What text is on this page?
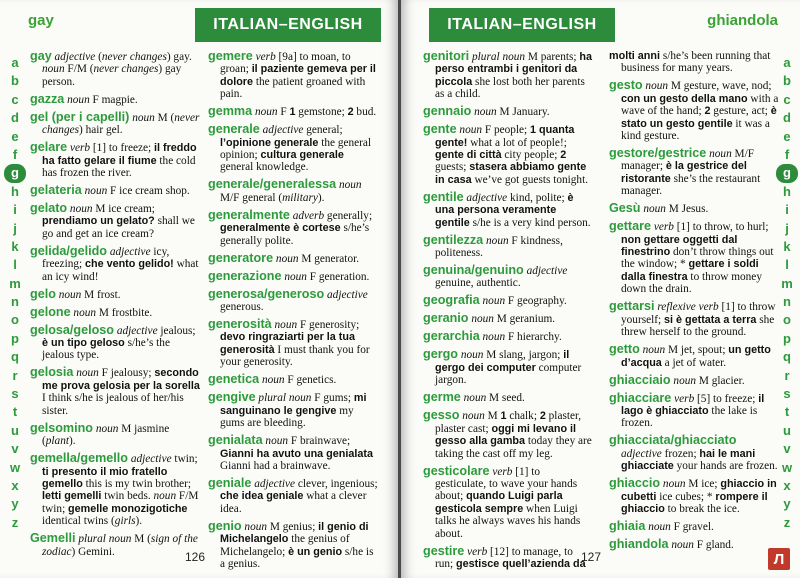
gay	ITALIAN–ENGLISH
a
b
c
d
e
f
g
h
i
j
k
l
m
n
o
p
q
r
s
t
u
v
w
x
y
z
gay adjective (never changes) gay. noun F/M (never changes) gay person.
gazza noun F magpie.
gel (per i capelli) noun M (never changes) hair gel.
gelare verb [1] to freeze; il freddo ha fatto gelare il fiume the cold has frozen the river.
gelateria noun F ice cream shop.
gelato noun M ice cream; prendiamo un gelato? shall we go and get an ice cream?
gelida/gelido adjective icy, freezing; che vento gelido! what an icy wind!
gelo noun M frost.
gelone noun M frostbite.
gelosa/geloso adjective jealous; è un tipo geloso s/he’s the jealous type.
gelosia noun F jealousy; secondo me prova gelosia per la sorella I think s/he is jealous of her/his sister.
gelsomino noun M jasmine (plant).
gemella/gemello adjective twin; ti presento il mio fratello gemello this is my twin brother; letti gemelli twin beds. noun F/M twin; gemelle monozigotiche identical twins (girls).
Gemelli plural noun M (sign of the zodiac) Gemini.
gemere verb [9a] to moan, to groan; il paziente gemeva per il dolore the patient groaned with pain.
gemma noun F 1 gemstone; 2 bud.
generale adjective general; l’opinione generale the general opinion; cultura generale general knowledge.
generale/generalessa noun M/F general (military).
generalmente adverb generally; generalmente è cortese s/he’s generally polite.
generatore noun M generator.
generazione noun F generation.
generosa/generoso adjective generous.
generosità noun F generosity; devo ringraziarti per la tua generosità I must thank you for your generosity.
genetica noun F genetics.
gengive plural noun F gums; mi sanguinano le gengive my gums are bleeding.
genialata noun F brainwave; Gianni ha avuto una genialata Gianni had a brainwave.
geniale adjective clever, ingenious; che idea geniale what a clever idea.
genio noun M genius; il genio di Michelangelo the genius of Michelangelo; è un genio s/he is a genius.
126
ITALIAN–ENGLISH	ghiandola
a
b
c
d
e
f
g
h
i
j
k
l
m
n
o
p
q
r
s
t
u
v
w
x
y
z
genitori plural noun M parents; ha perso entrambi i genitori da piccola she lost both her parents as a child.
gennaio noun M January.
gente noun F people; 1 quanta gente! what a lot of people!; gente di città city people; 2 guests; stasera abbiamo gente in casa we’ve got guests tonight.
gentile adjective kind, polite; è una persona veramente gentile s/he is a very kind person.
gentilezza noun F kindness, politeness.
genuina/genuino adjective genuine, authentic.
geografia noun F geography.
geranio noun M geranium.
gerarchia noun F hierarchy.
gergo noun M slang, jargon; il gergo dei computer computer jargon.
germe noun M seed.
gesso noun M 1 chalk; 2 plaster, plaster cast; oggi mi levano il gesso alla gamba today they are taking the cast off my leg.
gesticolare verb [1] to gesticulate, to wave your hands about; quando Luigi parla gesticola sempre when Luigi talks he always waves his hands about.
gestire verb [12] to manage, to run; gestisce quell’azienda da
molti anni s/he’s been running that business for many years.
gesto noun M gesture, wave, nod; con un gesto della mano with a wave of the hand; 2 gesture, act; è stato un gesto gentile it was a kind gesture.
gestore/gestrice noun M/F manager; è la gestrice del ristorante she’s the restaurant manager.
Gesù noun M Jesus.
gettare verb [1] to throw, to hurl; non gettare oggetti dal finestrino don’t throw things out the window; * gettare i soldi dalla finestra to throw money down the drain.
gettarsi reflexive verb [1] to throw yourself; si è gettata a terra she threw herself to the ground.
getto noun M jet, spout; un getto d’acqua a jet of water.
ghiacciaio noun M glacier.
ghiacciare verb [5] to freeze; il lago è ghiacciato the lake is frozen.
ghiacciata/ghiacciato adjective frozen; hai le mani ghiacciate your hands are frozen.
ghiaccio noun M ice; ghiaccio in cubetti ice cubes; * rompere il ghiaccio to break the ice.
ghiaia noun F gravel.
ghiandola noun F gland.
127	Л
